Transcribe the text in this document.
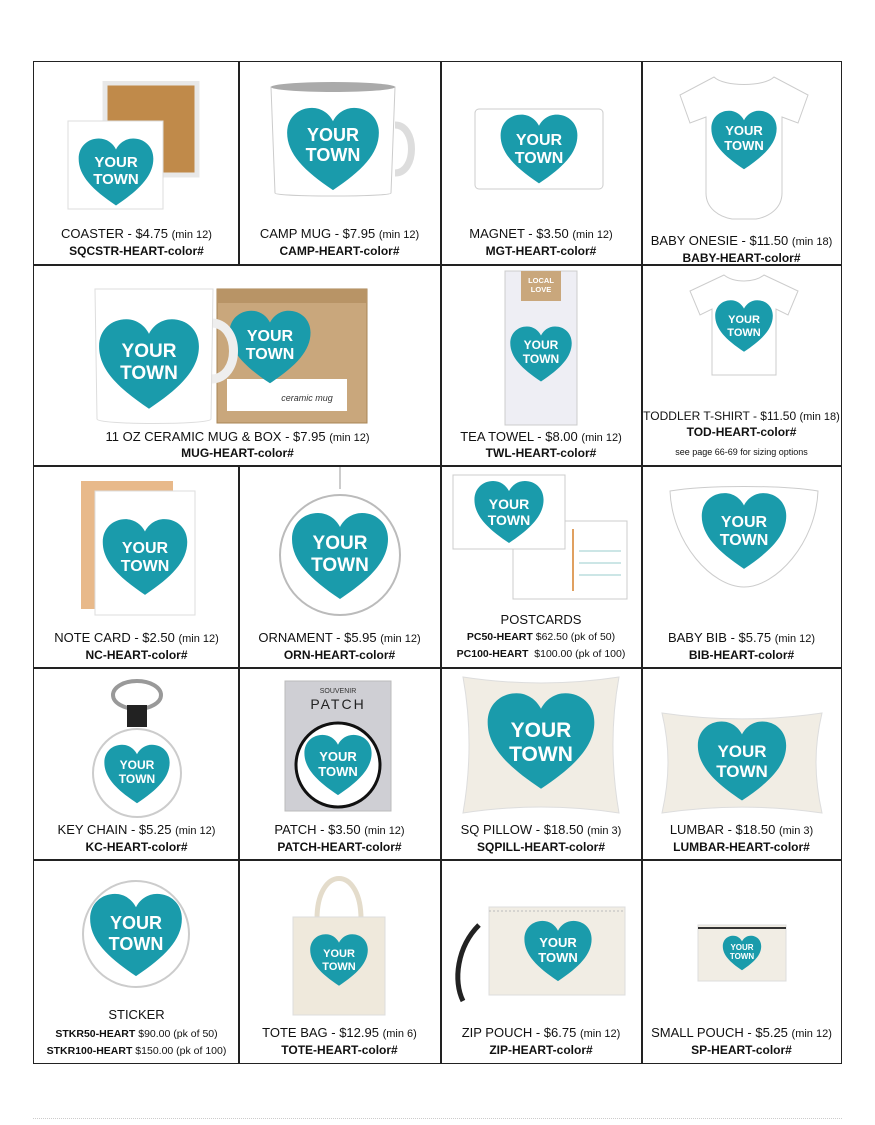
YOUR
TOWN
COASTER - $4.75 (min 12)
SQCSTR-HEART-color#
YOUR
TOWN
CAMP MUG - $7.95 (min 12)
CAMP-HEART-color#
YOUR
TOWN
MAGNET - $3.50 (min 12)
MGT-HEART-color#
YOUR
TOWN
BABY ONESIE - $11.50 (min 18)
BABY-HEART-color#
ceramic mug
YOUR
TOWN
YOUR
TOWN
11 OZ CERAMIC MUG & BOX - $7.95 (min 12)
MUG-HEART-color#
LOCAL
LOVE
YOUR
TOWN
TEA TOWEL - $8.00 (min 12)
TWL-HEART-color#
YOUR
TOWN
TODDLER T-SHIRT - $11.50 (min 18)
TOD-HEART-color#
see page 66-69 for sizing options
YOUR
TOWN
NOTE CARD - $2.50 (min 12)
NC-HEART-color#
YOUR
TOWN
ORNAMENT - $5.95 (min 12)
ORN-HEART-color#
YOUR
TOWN
POSTCARDS
PC50-HEART $62.50 (pk of 50)
PC100-HEART $100.00 (pk of 100)
YOUR
TOWN
BABY BIB - $5.75 (min 12)
BIB-HEART-color#
YOUR
TOWN
KEY CHAIN - $5.25 (min 12)
KC-HEART-color#
SOUVENIR
PATCH
YOUR
TOWN
PATCH - $3.50 (min 12)
PATCH-HEART-color#
YOUR
TOWN
SQ PILLOW - $18.50 (min 3)
SQPILL-HEART-color#
YOUR
TOWN
LUMBAR - $18.50 (min 3)
LUMBAR-HEART-color#
YOUR
TOWN
STICKER
STKR50-HEART $90.00 (pk of 50)
STKR100-HEART $150.00 (pk of 100)
YOUR
TOWN
TOTE BAG - $12.95 (min 6)
TOTE-HEART-color#
YOUR
TOWN
ZIP POUCH - $6.75 (min 12)
ZIP-HEART-color#
YOUR
TOWN
SMALL POUCH - $5.25 (min 12)
SP-HEART-color#
